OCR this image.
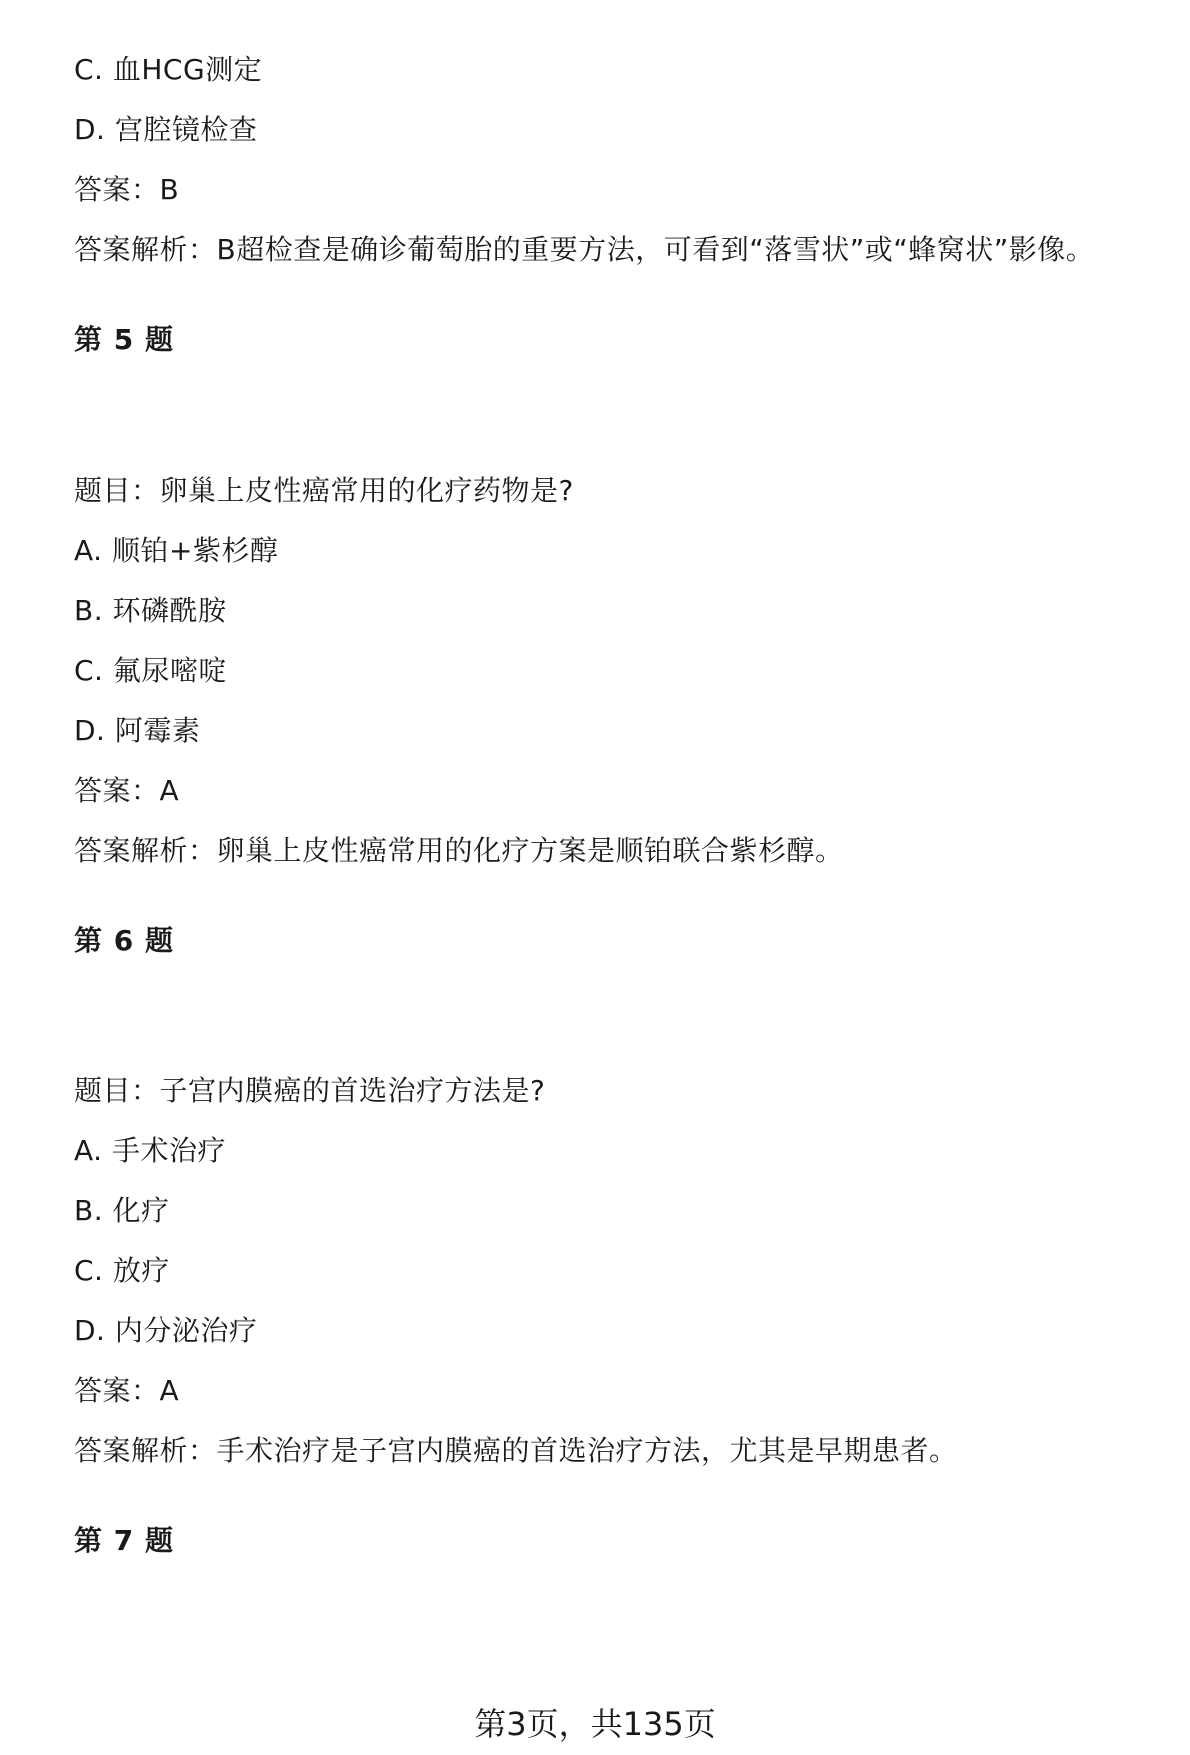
C. 血HCG测定
D. 宫腔镜检查
答案：B
答案解析：B超检查是确诊葡萄胎的重要方法，可看到“落雪状”或“蜂窝状”影像。
第 5 题
题目：卵巢上皮性癌常用的化疗药物是?
A. 顺铂+紫杉醇
B. 环磷酰胺
C. 氟尿嘧啶
D. 阿霉素
答案：A
答案解析：卵巢上皮性癌常用的化疗方案是顺铂联合紫杉醇。
第 6 题
题目：子宫内膜癌的首选治疗方法是?
A. 手术治疗
B. 化疗
C. 放疗
D. 内分泌治疗
答案：A
答案解析：手术治疗是子宫内膜癌的首选治疗方法，尤其是早期患者。
第 7 题
第3页，共135页
